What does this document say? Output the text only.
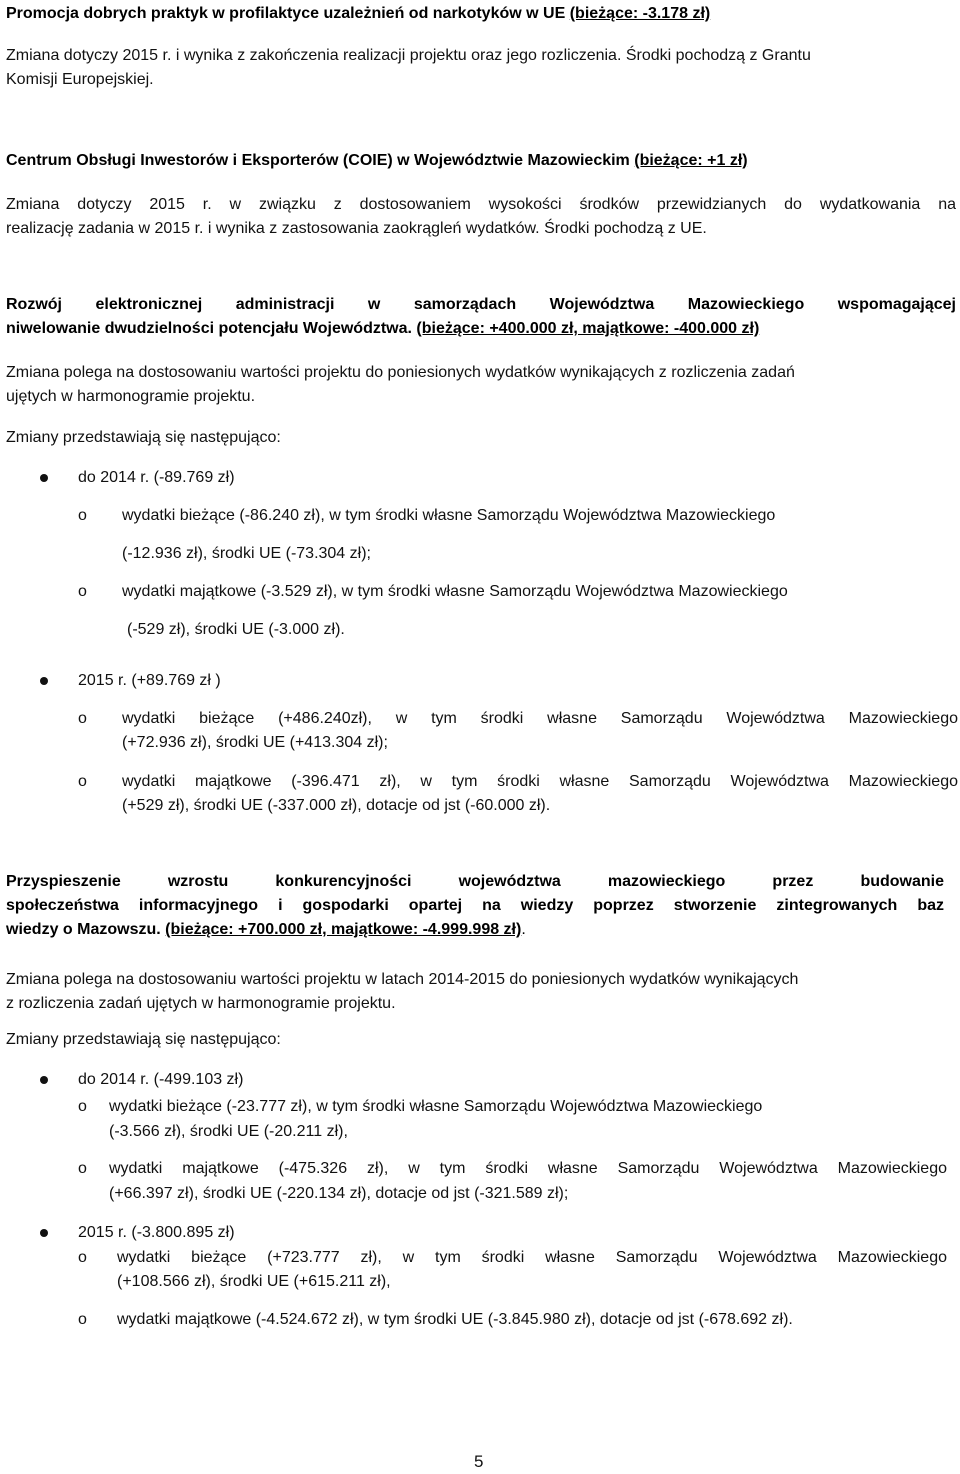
Promocja dobrych praktyk w profilaktyce uzależnień od narkotyków w UE (bieżące: -3.178 zł)
Zmiana dotyczy 2015 r. i wynika z zakończenia realizacji projektu oraz jego rozliczenia. Środki pochodzą z Grantu
Komisji Europejskiej.
Centrum Obsługi Inwestorów i Eksporterów (COIE) w Województwie Mazowieckim (bieżące: +1 zł)
Zmiana dotyczy 2015 r. w związku z dostosowaniem wysokości środków przewidzianych do wydatkowania na
realizację zadania w 2015 r. i wynika z zastosowania zaokrągleń wydatków. Środki pochodzą z UE.
Rozwój elektronicznej administracji w samorządach Województwa Mazowieckiego wspomagającej
niwelowanie dwudzielności potencjału Województwa. (bieżące: +400.000 zł, majątkowe: -400.000 zł)
Zmiana polega na dostosowaniu wartości projektu do poniesionych wydatków wynikających z rozliczenia zadań
ujętych w harmonogramie projektu.
Zmiany przedstawiają się następująco:
do 2014 r. (-89.769 zł)
o wydatki bieżące (-86.240 zł), w tym środki własne Samorządu Województwa Mazowieckiego
(-12.936 zł), środki UE (-73.304 zł);
o wydatki majątkowe (-3.529 zł), w tym środki własne Samorządu Województwa Mazowieckiego
(-529 zł), środki UE (-3.000 zł).
2015 r. (+89.769 zł )
o wydatki bieżące (+486.240zł), w tym środki własne Samorządu Województwa Mazowieckiego
(+72.936 zł), środki UE (+413.304 zł);
o wydatki majątkowe (-396.471 zł), w tym środki własne Samorządu Województwa Mazowieckiego
(+529 zł), środki UE (-337.000 zł), dotacje od jst (-60.000 zł).
Przyspieszenie wzrostu konkurencyjności województwa mazowieckiego przez budowanie
społeczeństwa informacyjnego i gospodarki opartej na wiedzy poprzez stworzenie zintegrowanych baz
wiedzy o Mazowszu. (bieżące: +700.000 zł, majątkowe: -4.999.998 zł).
Zmiana polega na dostosowaniu wartości projektu w latach 2014-2015 do poniesionych wydatków wynikających
z rozliczenia zadań ujętych w harmonogramie projektu.
Zmiany przedstawiają się następująco:
do 2014 r. (-499.103 zł)
o wydatki bieżące (-23.777 zł), w tym środki własne Samorządu Województwa Mazowieckiego
(-3.566 zł), środki UE (-20.211 zł),
o wydatki majątkowe (-475.326 zł), w tym środki własne Samorządu Województwa Mazowieckiego
(+66.397 zł), środki UE (-220.134 zł), dotacje od jst (-321.589 zł);
2015 r. (-3.800.895 zł)
o wydatki bieżące (+723.777 zł), w tym środki własne Samorządu Województwa Mazowieckiego
(+108.566 zł), środki UE (+615.211 zł),
o wydatki majątkowe (-4.524.672 zł), w tym środki UE (-3.845.980 zł), dotacje od jst (-678.692 zł).
5
